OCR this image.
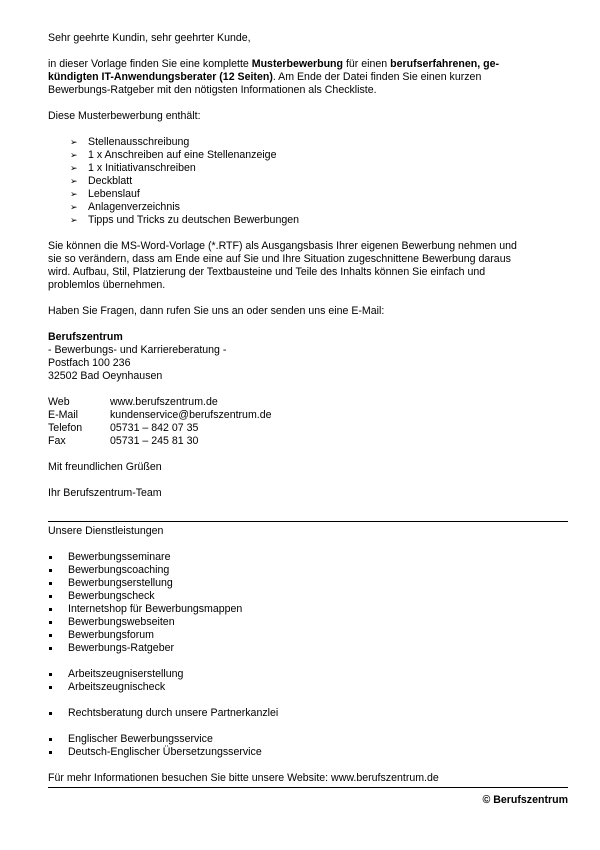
Sehr geehrte Kundin, sehr geehrter Kunde,

in dieser Vorlage finden Sie eine komplette Musterbewerbung für einen berufserfahrenen, ge-
kündigten IT-Anwendungsberater (12 Seiten). Am Ende der Datei finden Sie einen kurzen
Bewerbungs-Ratgeber mit den nötigsten Informationen als Checkliste.

Diese Musterbewerbung enthält:

➢ Stellenausschreibung
➢ 1 x Anschreiben auf eine Stellenanzeige
➢ 1 x Initiativanschreiben
➢ Deckblatt
➢ Lebenslauf
➢ Anlagenverzeichnis
➢ Tipps und Tricks zu deutschen Bewerbungen

Sie können die MS-Word-Vorlage (*.RTF) als Ausgangsbasis Ihrer eigenen Bewerbung nehmen und
sie so verändern, dass am Ende eine auf Sie und Ihre Situation zugeschnittene Bewerbung daraus
wird. Aufbau, Stil, Platzierung der Textbausteine und Teile des Inhalts können Sie einfach und
problemlos übernehmen.

Haben Sie Fragen, dann rufen Sie uns an oder senden uns eine E-Mail:

Berufszentrum

- Bewerbungs- und Karriereberatung -

Postfach 100 236

32502 Bad Oeynhausen

Web	www.berufszentrum.de
E-Mail	kundenservice@berufszentrum.de
Telefon	05731 – 842 07 35
Fax	05731 – 245 81 30

Mit freundlichen Grüßen

Ihr Berufszentrum-Team

Unsere Dienstleistungen

Bewerbungsseminare
Bewerbungscoaching
Bewerbungserstellung
Bewerbungscheck
Internetshop für Bewerbungsmappen
Bewerbungswebseiten
Bewerbungsforum
Bewerbungs-Ratgeber
Arbeitszeugniserstellung
Arbeitszeugnischeck
Rechtsberatung durch unsere Partnerkanzlei
Englischer Bewerbungsservice
Deutsch-Englischer Übersetzungsservice

Für mehr Informationen besuchen Sie bitte unsere Website: www.berufszentrum.de

© Berufszentrum
